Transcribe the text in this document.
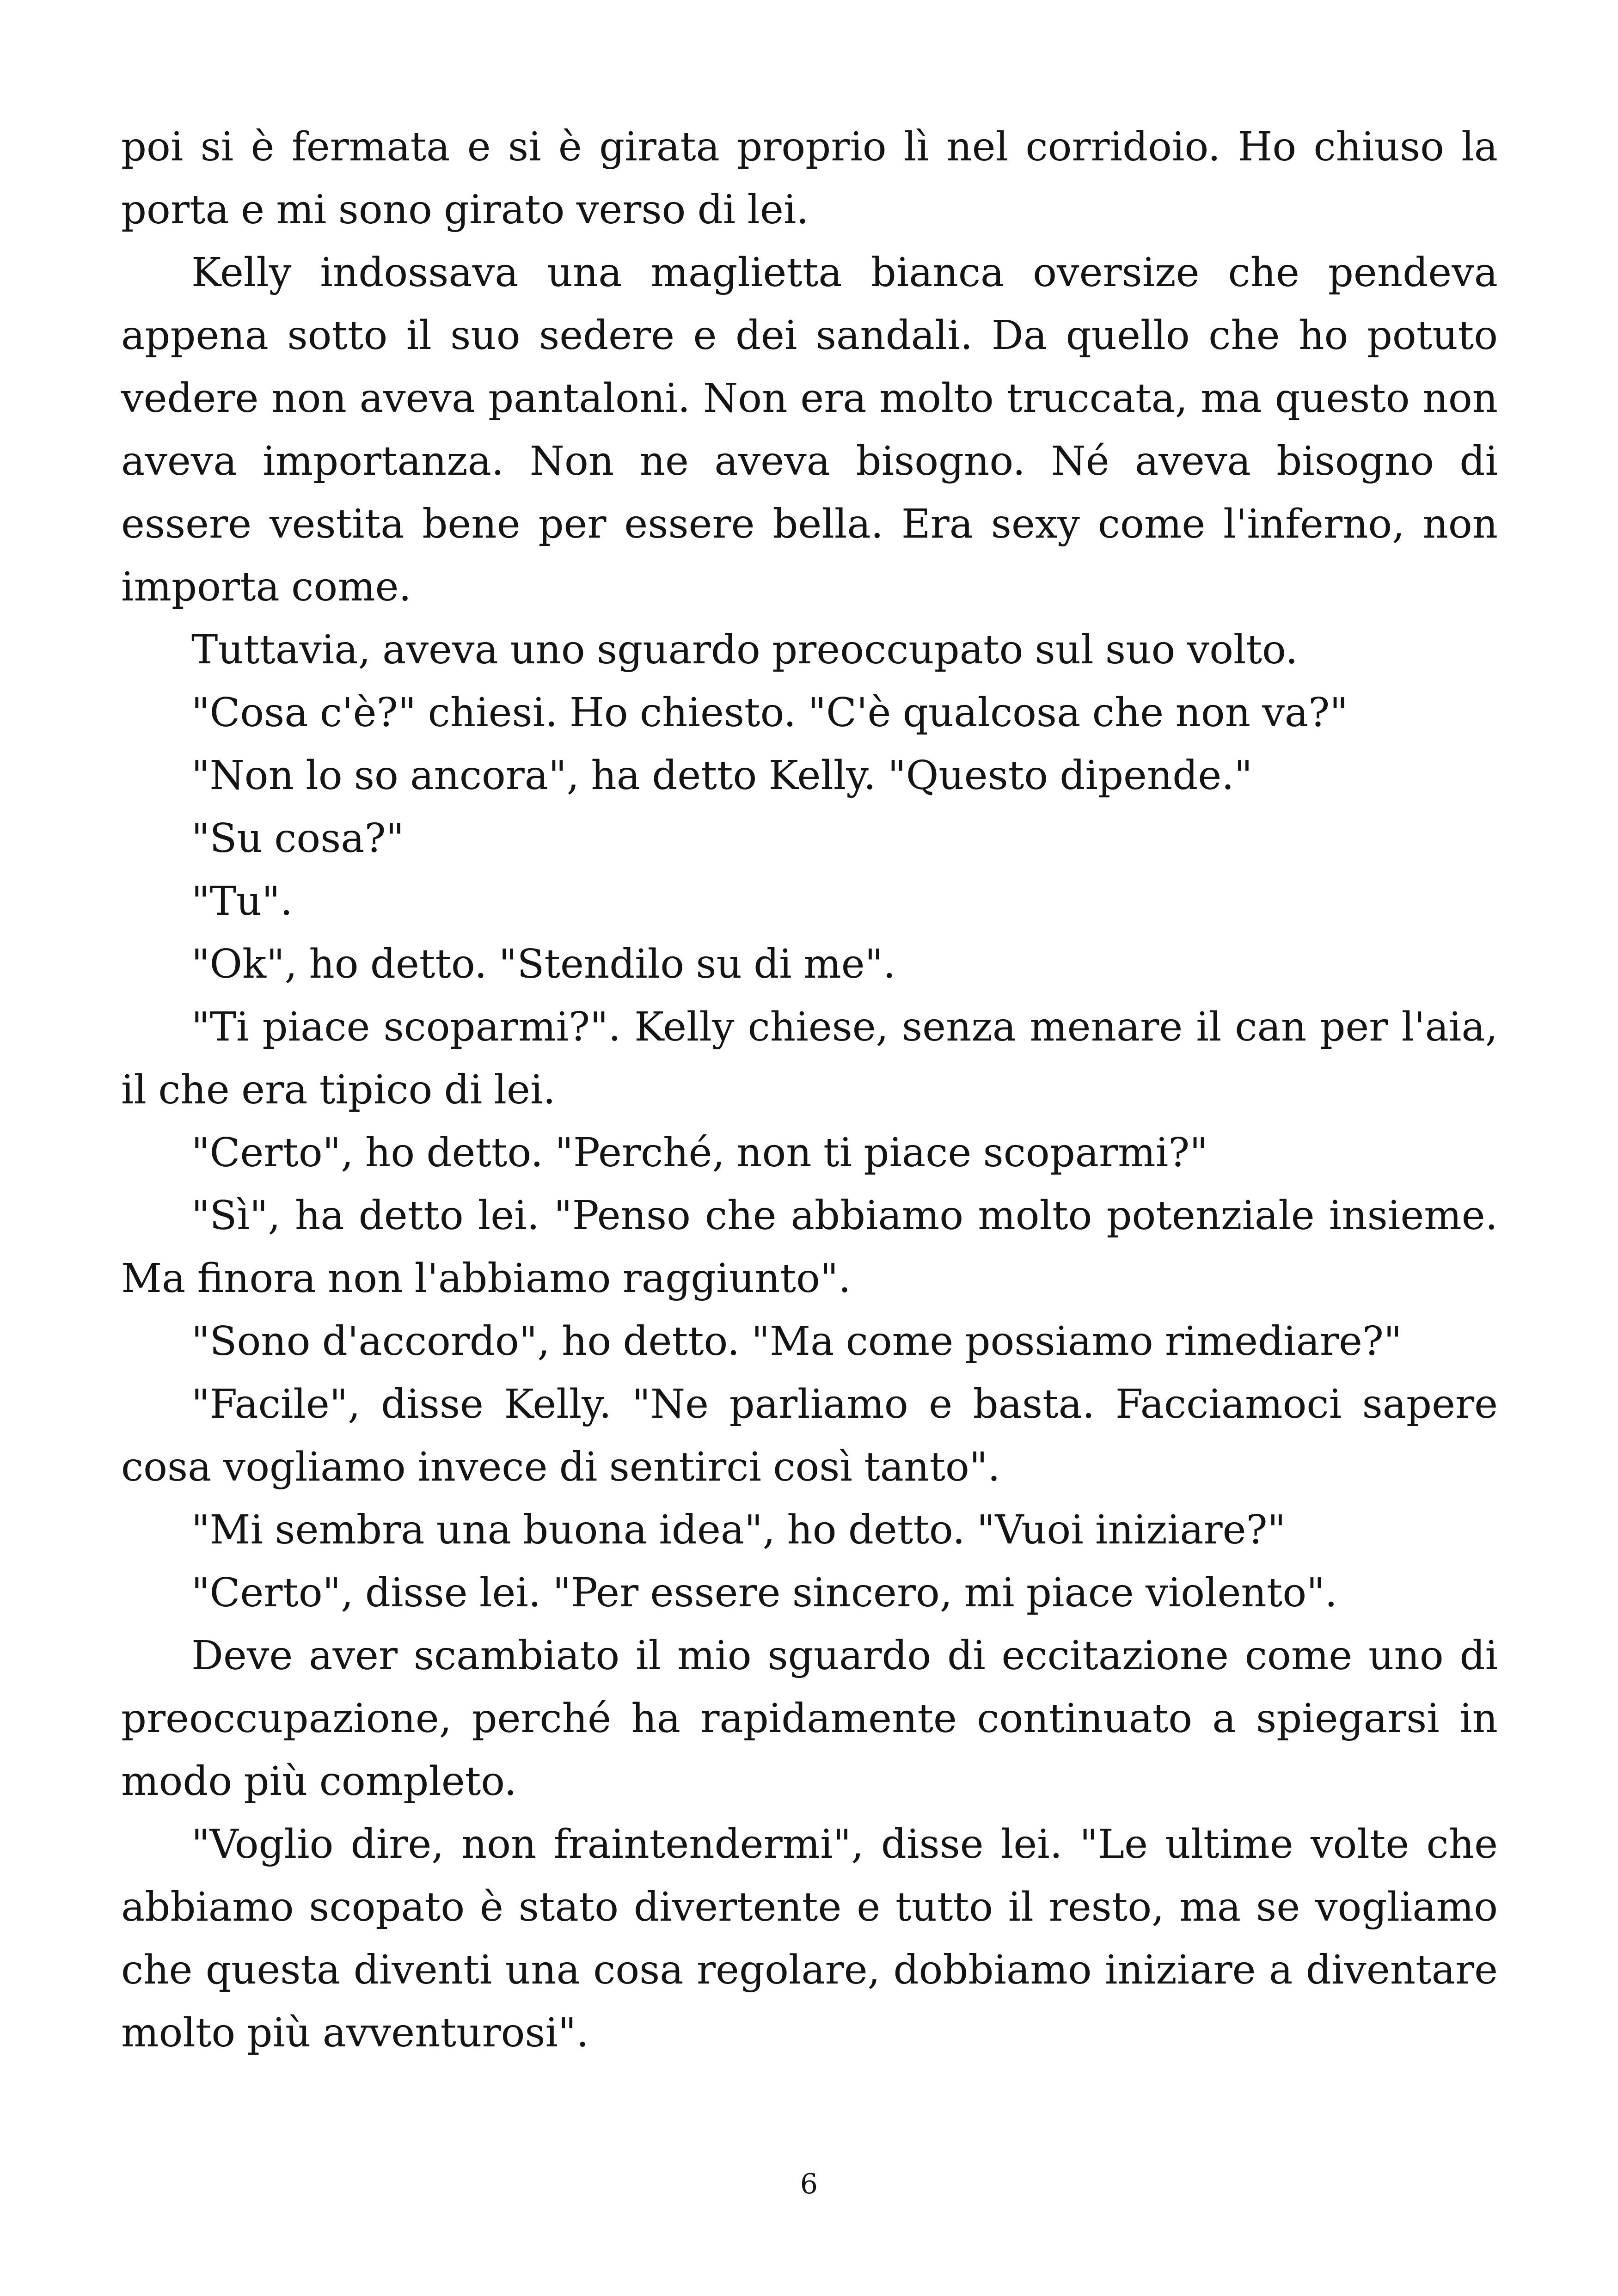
poi si è fermata e si è girata proprio lì nel corridoio. Ho chiuso la porta e mi sono girato verso di lei.

Kelly indossava una maglietta bianca oversize che pendeva appena sotto il suo sedere e dei sandali. Da quello che ho potuto vedere non aveva pantaloni. Non era molto truccata, ma questo non aveva importanza. Non ne aveva bisogno. Né aveva bisogno di essere vestita bene per essere bella. Era sexy come l'inferno, non importa come.

Tuttavia, aveva uno sguardo preoccupato sul suo volto.

"Cosa c'è?" chiesi. Ho chiesto. "C'è qualcosa che non va?"

"Non lo so ancora", ha detto Kelly. "Questo dipende."

"Su cosa?"

"Tu".

"Ok", ho detto. "Stendilo su di me".

"Ti piace scoparmi?". Kelly chiese, senza menare il can per l'aia, il che era tipico di lei.

"Certo", ho detto. "Perché, non ti piace scoparmi?"

"Sì", ha detto lei. "Penso che abbiamo molto potenziale insieme. Ma finora non l'abbiamo raggiunto".

"Sono d'accordo", ho detto. "Ma come possiamo rimediare?"

"Facile", disse Kelly. "Ne parliamo e basta. Facciamoci sapere cosa vogliamo invece di sentirci così tanto".

"Mi sembra una buona idea", ho detto. "Vuoi iniziare?"

"Certo", disse lei. "Per essere sincero, mi piace violento".

Deve aver scambiato il mio sguardo di eccitazione come uno di preoccupazione, perché ha rapidamente continuato a spiegarsi in modo più completo.

"Voglio dire, non fraintendermi", disse lei. "Le ultime volte che abbiamo scopato è stato divertente e tutto il resto, ma se vogliamo che questa diventi una cosa regolare, dobbiamo iniziare a diventare molto più avventurosi".

6
